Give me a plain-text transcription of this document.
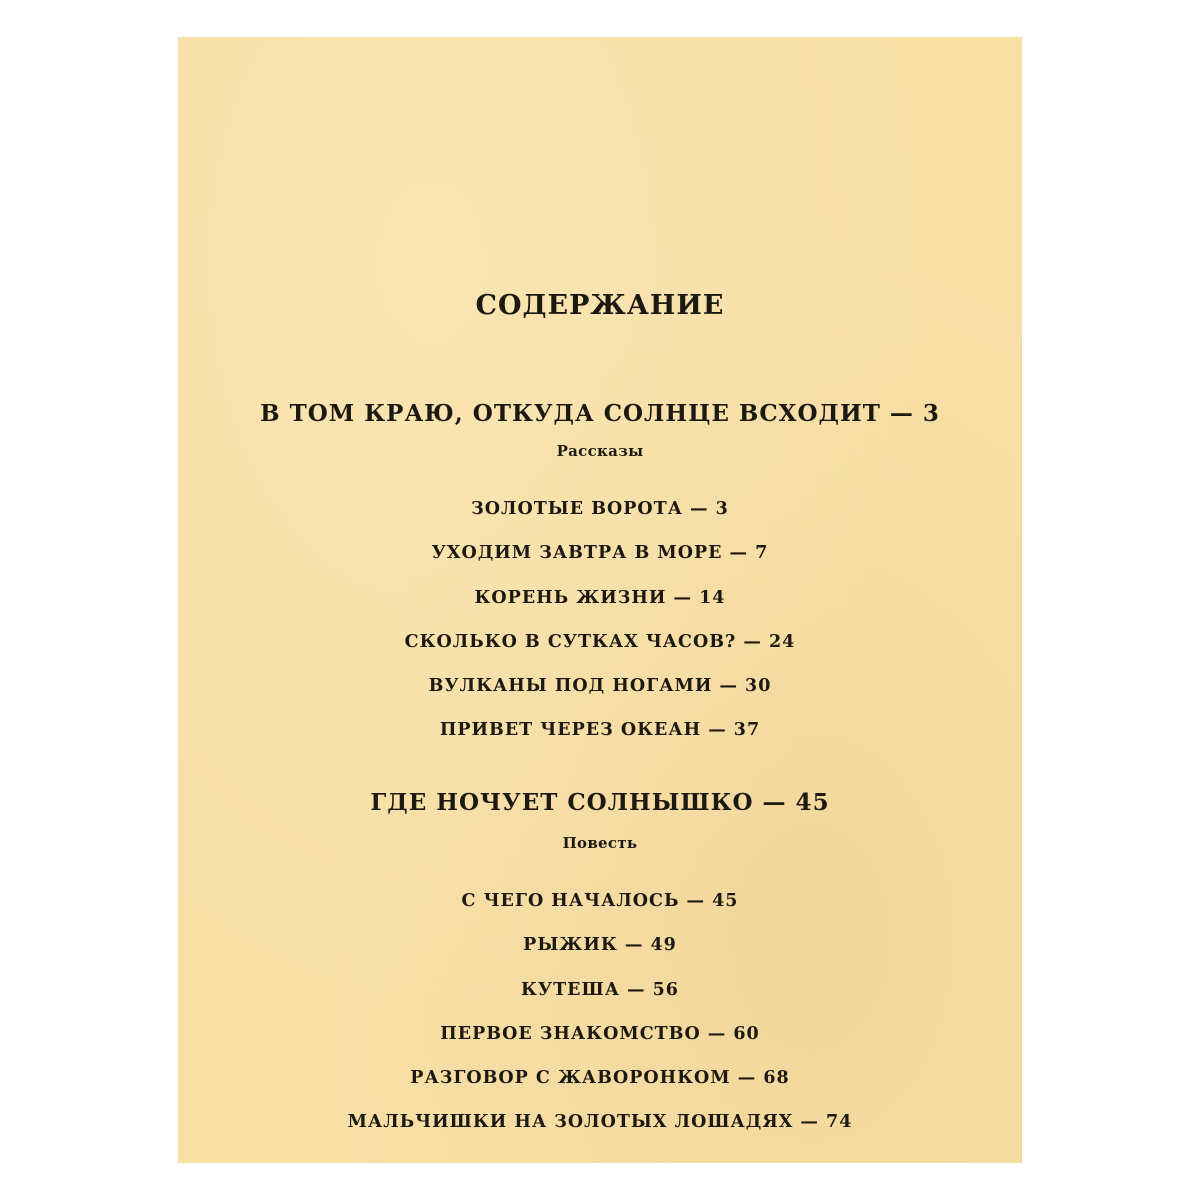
СОДЕРЖАНИЕ
В ТОМ КРАЮ, ОТКУДА СОЛНЦЕ ВСХОДИТ — 3
Рассказы
ЗОЛОТЫЕ ВОРОТА — 3
УХОДИМ ЗАВТРА В МОРЕ — 7
КОРЕНЬ ЖИЗНИ — 14
СКОЛЬКО В СУТКАХ ЧАСОВ? — 24
ВУЛКАНЫ ПОД НОГАМИ — 30
ПРИВЕТ ЧЕРЕЗ ОКЕАН — 37
ГДЕ НОЧУЕТ СОЛНЫШКО — 45
Повесть
С ЧЕГО НАЧАЛОСЬ — 45
РЫЖИК — 49
КУТЕША — 56
ПЕРВОЕ ЗНАКОМСТВО — 60
РАЗГОВОР С ЖАВОРОНКОМ — 68
МАЛЬЧИШКИ НА ЗОЛОТЫХ ЛОШАДЯХ — 74
